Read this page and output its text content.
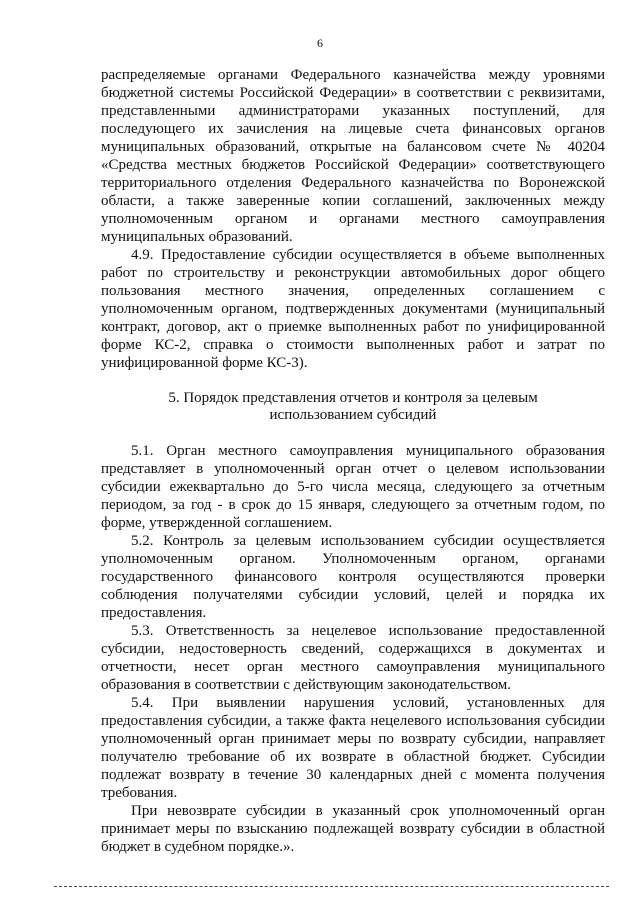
6

распределяемые органами Федерального казначейства между уровнями бюджетной системы Российской Федерации» в соответствии с реквизитами, представленными администраторами указанных поступлений, для последующего их зачисления на лицевые счета финансовых органов муниципальных образований, открытые на балансовом счете № 40204 «Средства местных бюджетов Российской Федерации» соответствующего территориального отделения Федерального казначейства по Воронежской области, а также заверенные копии соглашений, заключенных между уполномоченным органом и органами местного самоуправления муниципальных образований.

4.9. Предоставление субсидии осуществляется в объеме выполненных работ по строительству и реконструкции автомобильных дорог общего пользования местного значения, определенных соглашением с уполномоченным органом, подтвержденных документами (муниципальный контракт, договор, акт о приемке выполненных работ по унифицированной форме КС-2, справка о стоимости выполненных работ и затрат по унифицированной форме КС-3).

5. Порядок представления отчетов и контроля за целевым
использованием субсидий

5.1. Орган местного самоуправления муниципального образования представляет в уполномоченный орган отчет о целевом использовании субсидии ежеквартально до 5-го числа месяца, следующего за отчетным периодом, за год - в срок до 15 января, следующего за отчетным годом, по форме, утвержденной соглашением.

5.2. Контроль за целевым использованием субсидии осуществляется уполномоченным органом. Уполномоченным органом, органами государственного финансового контроля осуществляются проверки соблюдения получателями субсидии условий, целей и порядка их предоставления.

5.3. Ответственность за нецелевое использование предоставленной субсидии, недостоверность сведений, содержащихся в документах и отчетности, несет орган местного самоуправления муниципального образования в соответствии с действующим законодательством.

5.4. При выявлении нарушения условий, установленных для предоставления субсидии, а также факта нецелевого использования субсидии уполномоченный орган принимает меры по возврату субсидии, направляет получателю требование об их возврате в областной бюджет. Субсидии подлежат возврату в течение 30 календарных дней с момента получения требования.

При невозврате субсидии в указанный срок уполномоченный орган принимает меры по взысканию подлежащей возврату субсидии в областной бюджет в судебном порядке.».
